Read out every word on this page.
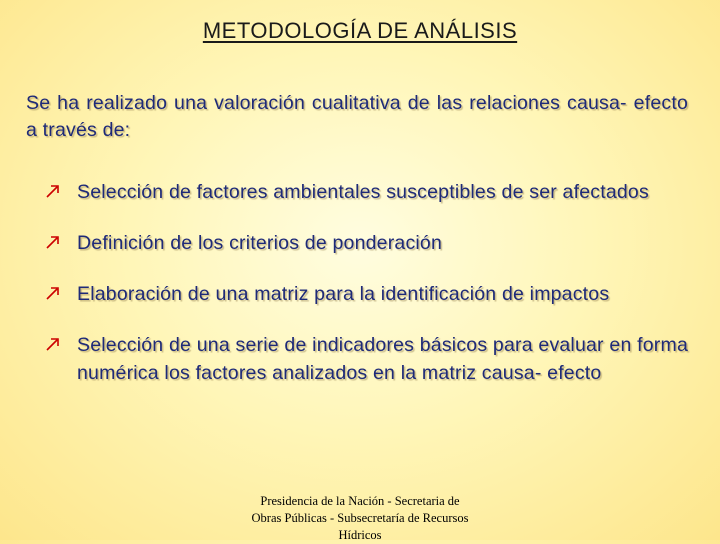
METODOLOGÍA DE ANÁLISIS
Se ha realizado una valoración cualitativa de las relaciones causa- efecto a través de:
Selección de factores ambientales susceptibles de ser afectados
Definición de los criterios de ponderación
Elaboración de una matriz para la identificación de impactos
Selección de una serie de indicadores básicos para evaluar en forma numérica los factores analizados en la matriz causa- efecto
Presidencia de la Nación - Secretaria de Obras Públicas - Subsecretaría de Recursos Hídricos
